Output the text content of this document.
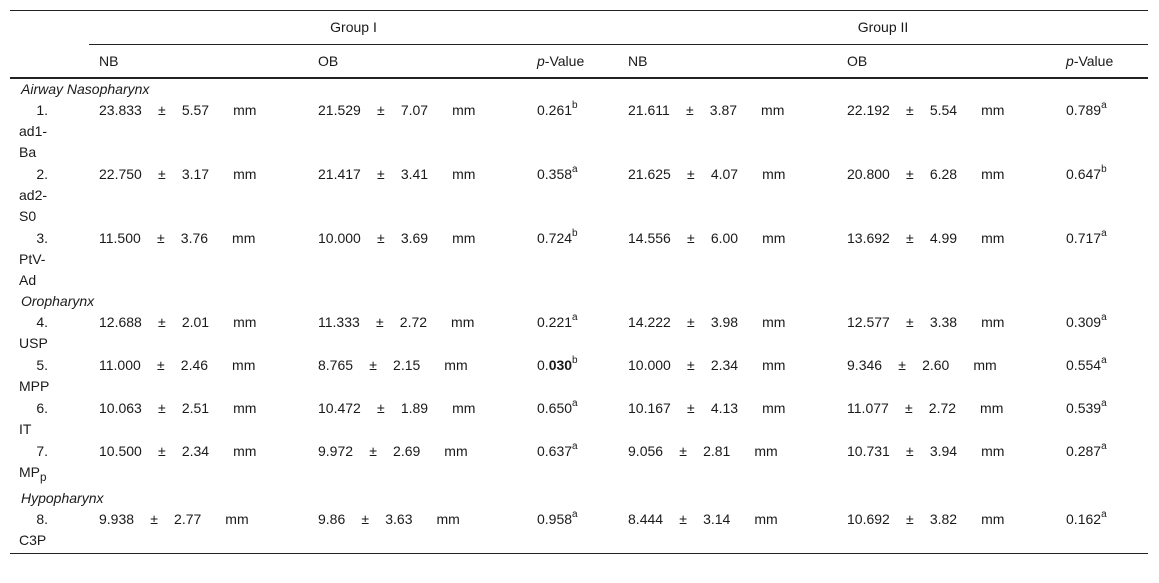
	Group I			Group II		
	NB	OB	p-Value	NB	OB	p-Value
Airway Nasopharynx						

1.
ad1-Ba	23.833 ± 5.57 mm	21.529 ± 7.07 mm	0.261$^b$	21.611 ± 3.87 mm	22.192 ± 5.54 mm	0.789$^a$

2.
ad2-S0	22.750 ± 3.17 mm	21.417 ± 3.41 mm	0.358$^a$	21.625 ± 4.07 mm	20.800 ± 6.28 mm	0.647$^b$

3.
PtV-Ad	11.500 ± 3.76 mm	10.000 ± 3.69 mm	0.724$^b$	14.556 ± 6.00 mm	13.692 ± 4.99 mm	0.717$^a$
Oropharynx						

4.
USP	12.688 ± 2.01 mm	11.333 ± 2.72 mm	0.221$^a$	14.222 ± 3.98 mm	12.577 ± 3.38 mm	0.309$^a$

5.
MPP	11.000 ± 2.46 mm	8.765 ± 2.15 mm	0.030$^b$	10.000 ± 2.34 mm	9.346 ± 2.60 mm	0.554$^a$

6.
IT	10.063 ± 2.51 mm	10.472 ± 1.89 mm	0.650$^a$	10.167 ± 4.13 mm	11.077 ± 2.72 mm	0.539$^a$

7.
$MP_p$	10.500 ± 2.34 mm	9.972 ± 2.69 mm	0.637$^a$	9.056 ± 2.81 mm	10.731 ± 3.94 mm	0.287$^a$
Hypopharynx						

8.
C3P	9.938 ± 2.77 mm	9.86 ± 3.63 mm	0.958$^a$	8.444 ± 3.14 mm	10.692 ± 3.82 mm	0.162$^a$
